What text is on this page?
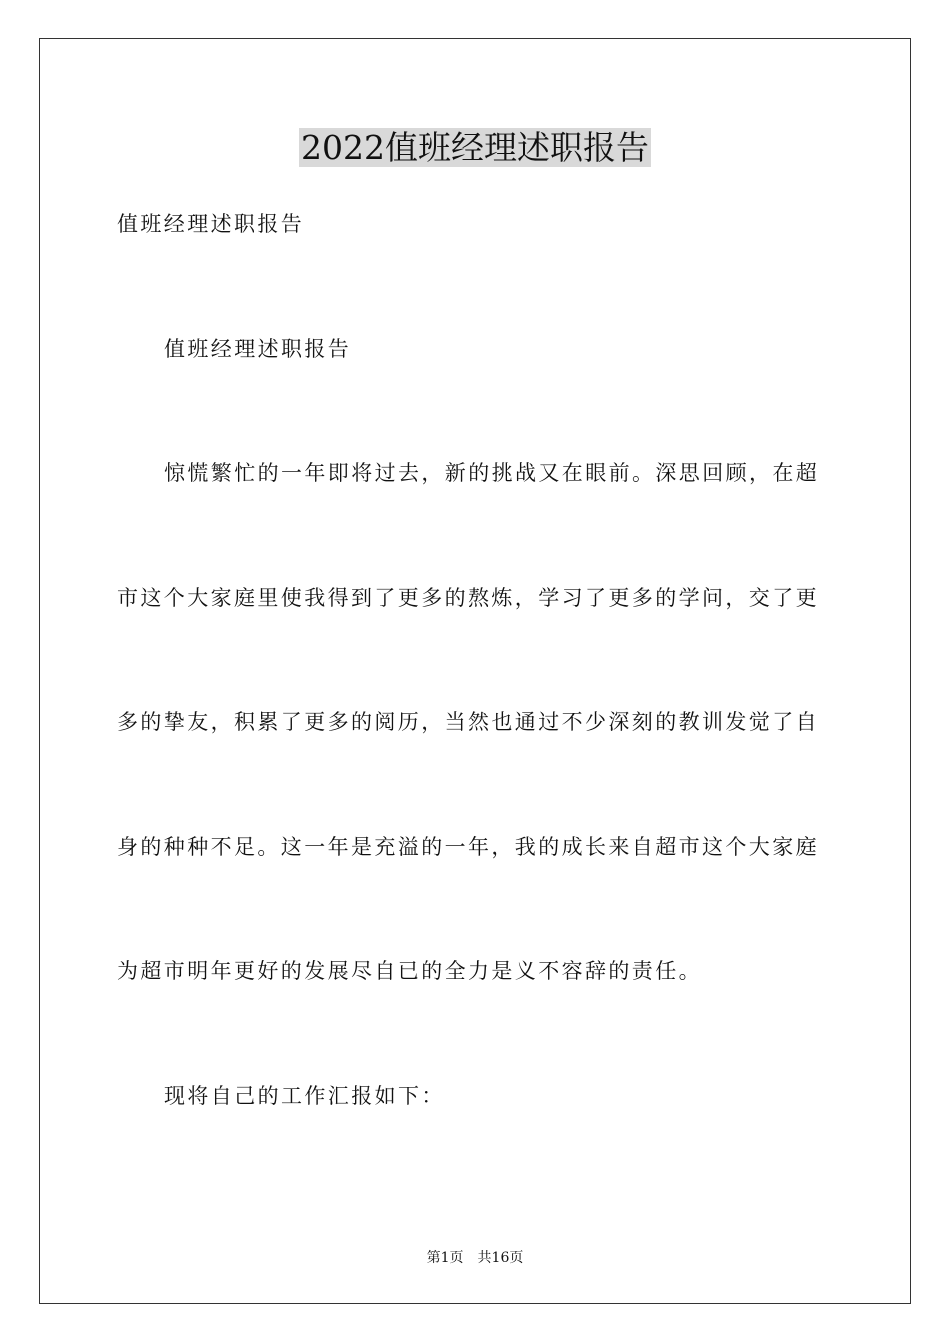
2022值班经理述职报告
值班经理述职报告
值班经理述职报告
惊慌繁忙的一年即将过去，新的挑战又在眼前。深思回顾，在超
市这个大家庭里使我得到了更多的熬炼，学习了更多的学问，交了更
多的挚友，积累了更多的阅历，当然也通过不少深刻的教训发觉了自
身的种种不足。这一年是充溢的一年，我的成长来自超市这个大家庭
为超市明年更好的发展尽自已的全力是义不容辞的责任。
现将自己的工作汇报如下：
第1页　共16页
